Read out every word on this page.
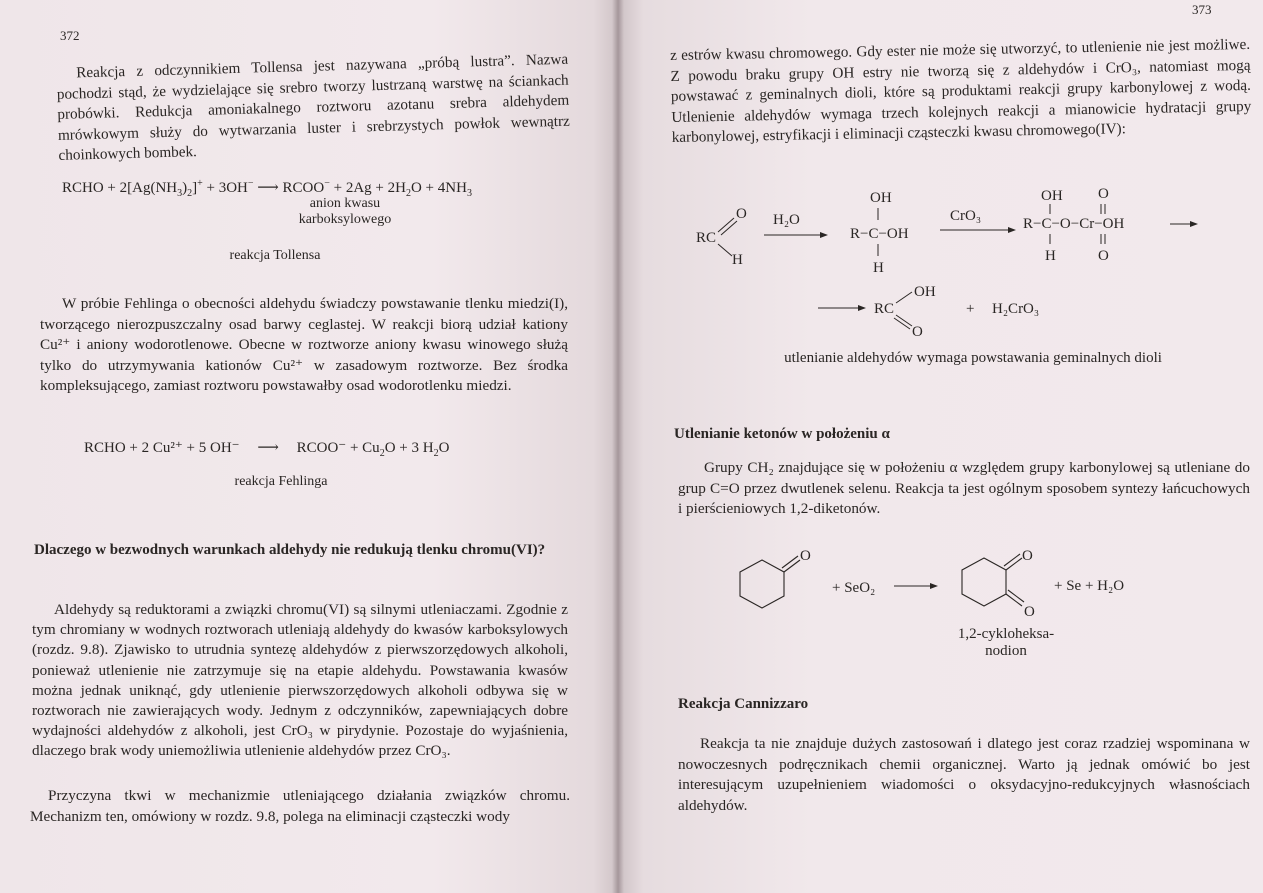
372

Reakcja z odczynnikiem Tollensa jest nazywana „próbą lustra”. Nazwa pochodzi stąd, że wydzielające się srebro tworzy lustrzaną warstwę na ściankach probówki. Redukcja amoniakalnego roztworu azotanu srebra aldehydem mrówkowym służy do wytwarzania luster i srebrzystych powłok wewnątrz choinkowych bombek.

RCHO + $2[Ag(NH_3)_2]^+ + 3OH^-$ ⟶ RCOO− + $2Ag + 2H_2O + 4NH_3$
anion kwasu
karboksylowego
reakcja Tollensa

W próbie Fehlinga o obecności aldehydu świadczy powstawanie tlenku miedzi(I), tworzącego nierozpuszczalny osad barwy ceglastej. W reakcji biorą udział kationy Cu²⁺ i aniony wodorotlenowe. Obecne w roztworze aniony kwasu winowego służą tylko do utrzymywania kationów Cu²⁺ w zasadowym roztworze. Bez środka kompleksującego, zamiast roztworu powstawałby osad wodorotlenku miedzi.

RCHO + 2 Cu²⁺ + 5 OH⁻ ⟶ RCOO⁻ + $Cu_2O + 3$ $H_2O$
reakcja Fehlinga
Dlaczego w bezwodnych warunkach aldehydy nie redukują tlenku chromu(VI)?

Aldehydy są reduktorami a związki chromu(VI) są silnymi utleniaczami. Zgodnie z tym chromiany w wodnych roztworach utleniają aldehydy do kwasów karboksylowych (rozdz. 9.8). Zjawisko to utrudnia syntezę aldehydów z pierwszorzędowych alkoholi, ponieważ utlenienie nie zatrzymuje się na etapie aldehydu. Powstawania kwasów można jednak uniknąć, gdy utlenienie pierwszorzędowych alkoholi odbywa się w roztworach nie zawierających wody. Jednym z odczynników, zapewniających dobre wydajności aldehydów z alkoholi, jest CrO₃ w pirydynie. Pozostaje do wyjaśnienia, dlaczego brak wody uniemożliwia utlenienie aldehydów przez CrO₃.

Przyczyna tkwi w mechanizmie utleniającego działania związków chromu. Mechanizm ten, omówiony w rozdz. 9.8, polega na eliminacji cząsteczki wody

373

z estrów kwasu chromowego. Gdy ester nie może się utworzyć, to utlenienie nie jest możliwe. Z powodu braku grupy OH estry nie tworzą się z aldehydów i CrO₃, natomiast mogą powstawać z geminalnych dioli, które są produktami reakcji grupy karbonylowej z wodą. Utlenienie aldehydów wymaga trzech kolejnych reakcji a mianowicie hydratacji grupy karbonylowej, estryfikacji i eliminacji cząsteczki kwasu chromowego(IV):

RC
O
H
H₂O
OH
R−C−OH
H
CrO₃
OH O
R−C−O−Cr−OH
H	O
RC
OH
O
+ H₂CrO₃
utlenianie aldehydów wymaga powstawania geminalnych dioli
Utlenianie ketonów w położeniu α

Grupy CH₂ znajdujące się w położeniu α względem grupy karbonylowej są utleniane do grup C=O przez dwutlenek selenu. Reakcja ta jest ogólnym sposobem syntezy łańcuchowych i pierścieniowych 1,2-diketonów.

O	O
O
+ SeO₂	+ Se + H₂O
1,2-cykloheksa-
nodion
Reakcja Cannizzaro

Reakcja ta nie znajduje dużych zastosowań i dlatego jest coraz rzadziej wspominana w nowoczesnych podręcznikach chemii organicznej. Warto ją jednak omówić bo jest interesującym uzupełnieniem wiadomości o oksydacyjno-redukcyjnych własnościach aldehydów.
